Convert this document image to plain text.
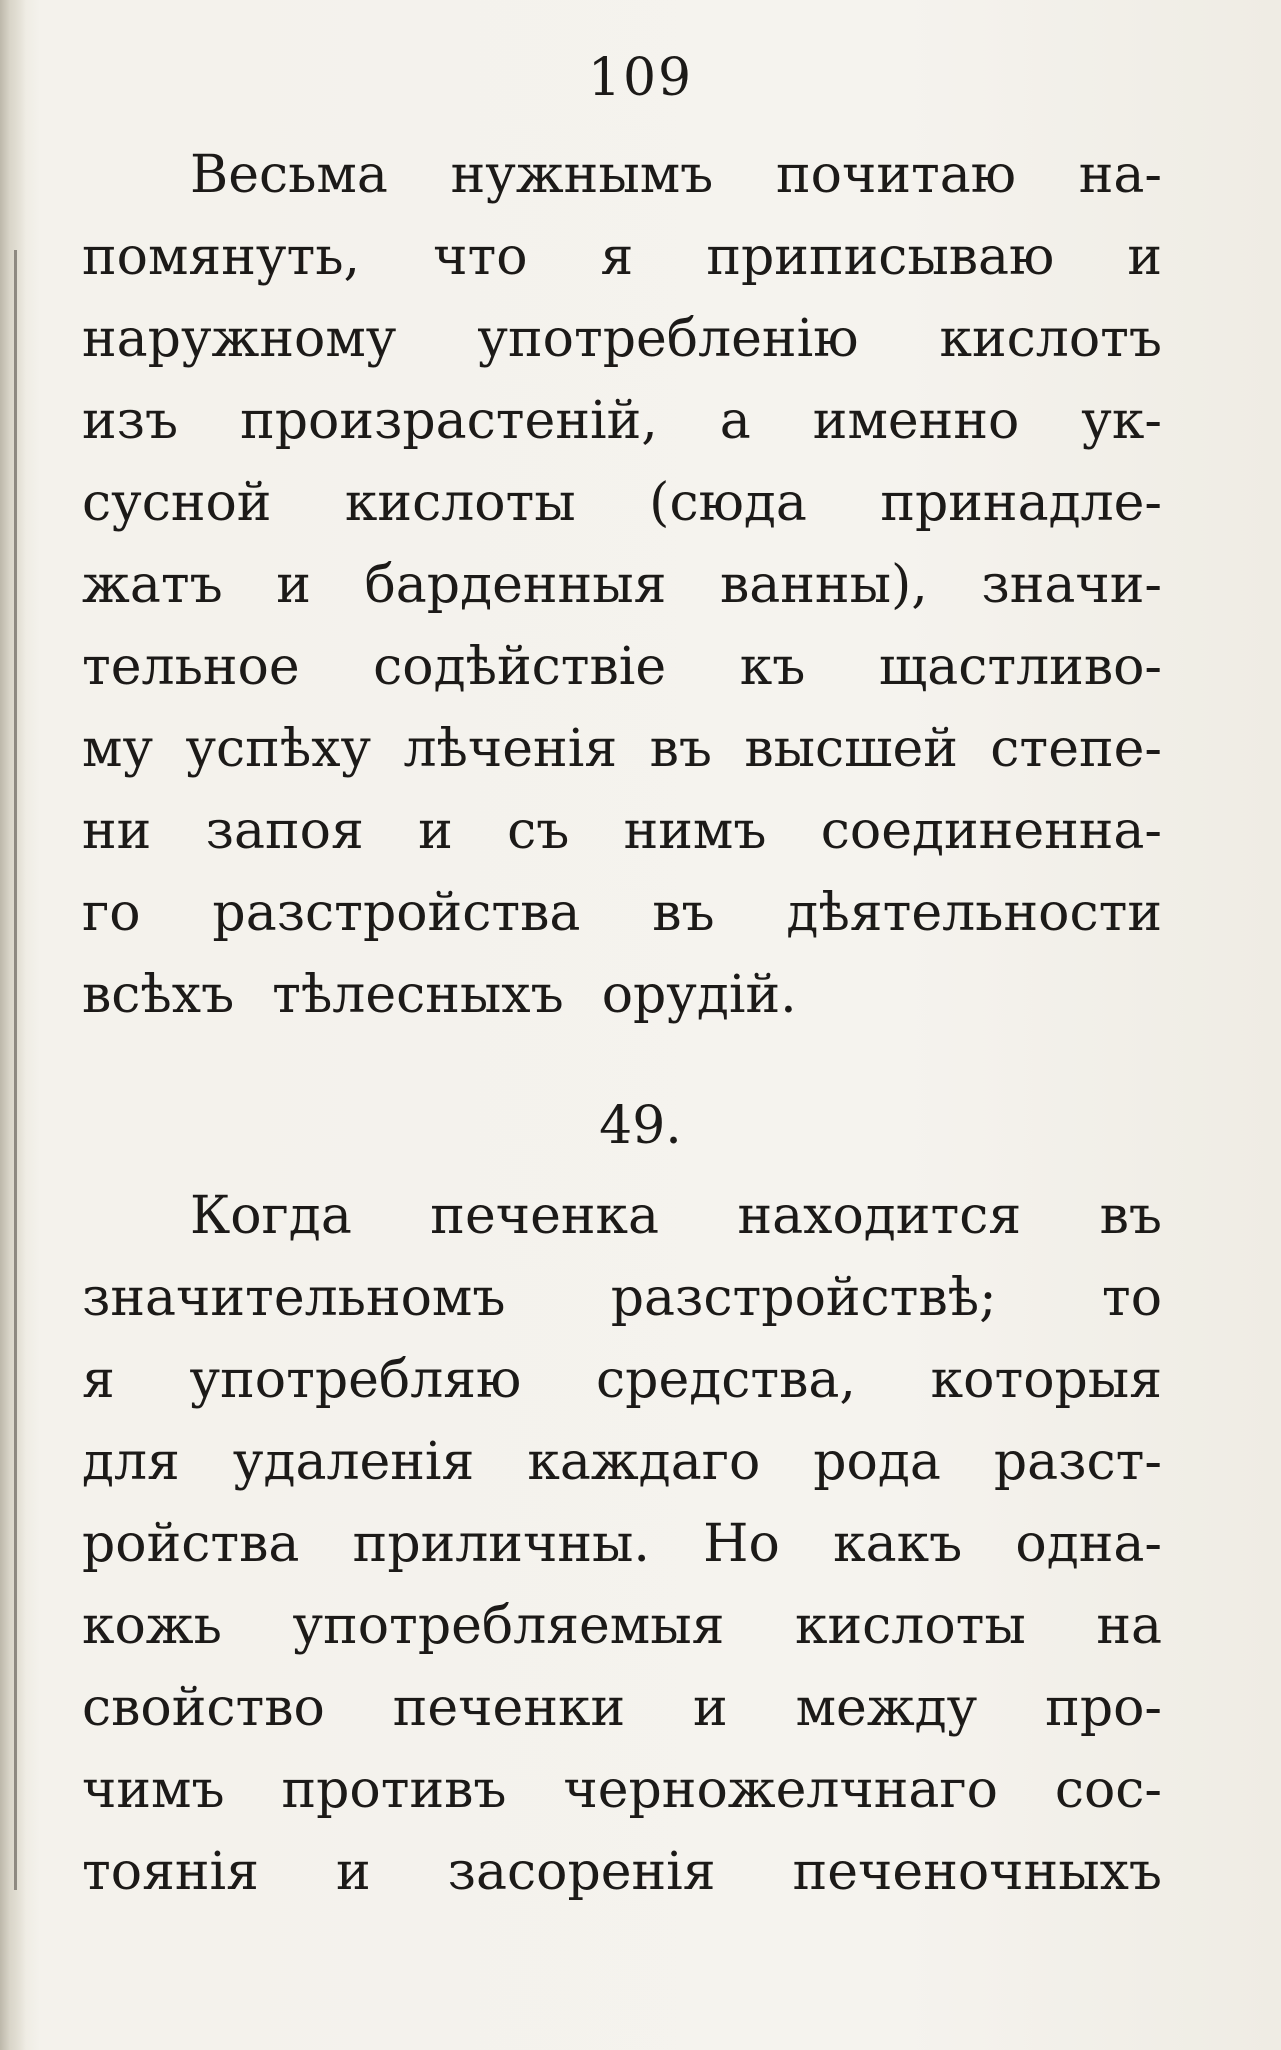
109
Весьма нужнымъ почитаю на-
помянуть, что я приписываю и
наружному употребленію кислотъ
изъ произрастеній, а именно ук-
сусной кислоты (сюда принадле-
жатъ и барденныя ванны), значи-
тельное содѣйствіе къ щастливо-
му успѣху лѣченія въ высшей степе-
ни запоя и съ нимъ соединенна-
го разстройства въ дѣятельности
всѣхъ тѣлесныхъ орудій.
49.
Когда печенка находится въ
значительномъ разстройствѣ; то
я употребляю средства, которыя
для удаленія каждаго рода разст-
ройства приличны. Но какъ одна-
кожь употребляемыя кислоты на
свойство печенки и между про-
чимъ противъ черножелчнаго сос-
тоянія и засоренія печеночныхъ
